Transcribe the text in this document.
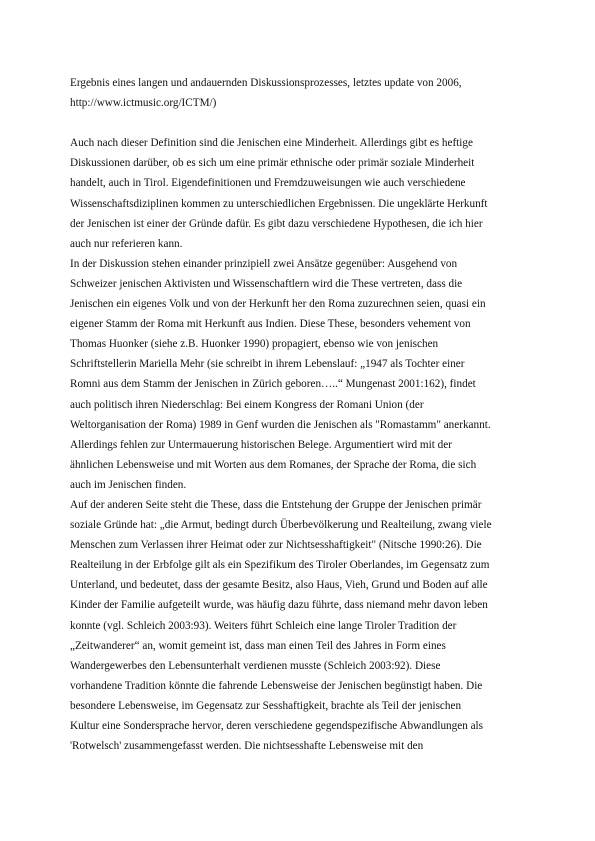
Ergebnis eines langen und andauernden Diskussionsprozesses, letztes update von 2006,
http://www.ictmusic.org/ICTM/)
Auch nach dieser Definition sind die Jenischen eine Minderheit. Allerdings gibt es heftige
Diskussionen darüber, ob es sich um eine primär ethnische oder primär soziale Minderheit
handelt, auch in Tirol. Eigendefinitionen und Fremdzuweisungen wie auch verschiedene
Wissenschaftsdiziplinen kommen zu unterschiedlichen Ergebnissen. Die ungeklärte Herkunft
der Jenischen ist einer der Gründe dafür. Es gibt dazu verschiedene Hypothesen, die ich hier
auch nur referieren kann.
In der Diskussion stehen einander prinzipiell zwei Ansätze gegenüber: Ausgehend von
Schweizer jenischen Aktivisten und Wissenschaftlern wird die These vertreten, dass die
Jenischen ein eigenes Volk und von der Herkunft her den Roma zuzurechnen seien, quasi ein
eigener Stamm der Roma mit Herkunft aus Indien. Diese These, besonders vehement von
Thomas Huonker (siehe z.B. Huonker 1990) propagiert, ebenso wie von jenischen
Schriftstellerin Mariella Mehr (sie schreibt in ihrem Lebenslauf: „1947 als Tochter einer
Romni aus dem Stamm der Jenischen in Zürich geboren…..“ Mungenast 2001:162), findet
auch politisch ihren Niederschlag: Bei einem Kongress der Romani Union (der
Weltorganisation der Roma) 1989 in Genf wurden die Jenischen als "Romastamm" anerkannt.
Allerdings fehlen zur Untermauerung historischen Belege. Argumentiert wird mit der
ähnlichen Lebensweise und mit Worten aus dem Romanes, der Sprache der Roma, die sich
auch im Jenischen finden.
Auf der anderen Seite steht die These, dass die Entstehung der Gruppe der Jenischen primär
soziale Gründe hat: „die Armut, bedingt durch Überbevölkerung und Realteilung, zwang viele
Menschen zum Verlassen ihrer Heimat oder zur Nichtsesshaftigkeit" (Nitsche 1990:26). Die
Realteilung in der Erbfolge gilt als ein Spezifikum des Tiroler Oberlandes, im Gegensatz zum
Unterland, und bedeutet, dass der gesamte Besitz, also Haus, Vieh, Grund und Boden auf alle
Kinder der Familie aufgeteilt wurde, was häufig dazu führte, dass niemand mehr davon leben
konnte (vgl. Schleich 2003:93). Weiters führt Schleich eine lange Tiroler Tradition der
„Zeitwanderer“ an, womit gemeint ist, dass man einen Teil des Jahres in Form eines
Wandergewerbes den Lebensunterhalt verdienen musste (Schleich 2003:92). Diese
vorhandene Tradition könnte die fahrende Lebensweise der Jenischen begünstigt haben. Die
besondere Lebensweise, im Gegensatz zur Sesshaftigkeit, brachte als Teil der jenischen
Kultur eine Sondersprache hervor, deren verschiedene gegendspezifische Abwandlungen als
'Rotwelsch' zusammengefasst werden. Die nichtsesshafte Lebensweise mit den
